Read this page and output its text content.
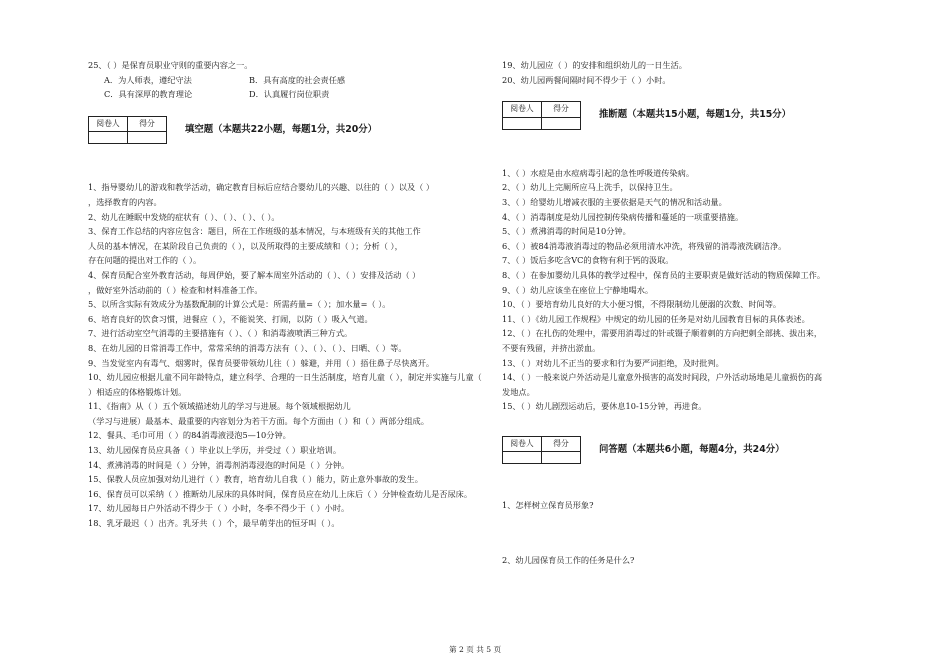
25、（ ）是保育员职业守则的重要内容之一。
A．为人师表，遵纪守法	B．具有高度的社会责任感
C．具有深厚的教育理论	D．认真履行岗位职责
阅卷人	得分

填空题（本题共22小题，每题1分，共20分）
1、指导婴幼儿的游戏和教学活动，确定教育目标后应结合婴幼儿的兴趣、以往的（ ）以及（ ）
，选择教育的内容。
2、幼儿在睡眠中发烧的症状有（ ）、（ ）、（ ）、（ ）。
3、保育工作总结的内容应包含：题目，所在工作班级的基本情况，与本班级有关的其他工作
人员的基本情况，在某阶段自己负责的（ ），以及所取得的主要成绩和（ ）；分析（ ），
存在问题的提出对工作的（ ）。
4、保育员配合室外教育活动，每周伊始，要了解本周室外活动的（ ）、（ ）安排及活动（ ）
，做好室外活动前的（ ）检查和材料准备工作。
5、以所含实际有效成分为基数配制的计算公式是：所需药量=（ ）；加水量=（ ）。
6、培育良好的饮食习惯，进餐应（ ），不能说笑、打闹，以防（ ）吸入气道。
7、进行活动室空气消毒的主要措施有（ ）、（ ）和消毒液喷洒三种方式。
8、在幼儿园的日常消毒工作中，常常采纳的消毒方法有（ ）、（ ）、（ ）、日晒、（ ）等。
9、当发觉室内有毒气、烟雾时，保育员要带领幼儿往（ ）躲避，并用（ ）捂住鼻子尽快离开。
10、幼儿园应根据儿童不同年龄特点，建立科学、合理的一日生活制度，培育儿童（ ），制定并实施与儿童（ ）相适应的体格锻炼计划。
11、《指南》从（ ）五个领域描述幼儿的学习与进展。每个领域根据幼儿
（学习与进展）最基本、最重要的内容划分为若干方面。每个方面由（ ）和（ ）两部分组成。
12、餐具、毛巾可用（ ）的84消毒液浸泡5—10分钟。
13、幼儿园保育员应具备（ ）毕业以上学历，并受过（ ）职业培训。
14、煮沸消毒的时间是（ ）分钟，消毒剂消毒浸泡的时间是（ ）分钟。
15、保教人员应加强对幼儿进行（ ）教育，培育幼儿自我（ ）能力，防止意外事故的发生。
16、保育员可以采纳（ ）推断幼儿尿床的具体时间，保育员应在幼儿上床后（ ）分钟检查幼儿是否尿床。
17、幼儿园每日户外活动不得少于（ ）小时，冬季不得少于（ ）小时。
18、乳牙最迟（ ）出齐。乳牙共（ ）个，最早萌芽出的恒牙叫（ ）。
19、幼儿园应（ ）的安排和组织幼儿的一日生活。
20、幼儿园两餐间隔时间不得少于（ ）小时。
阅卷人	得分

推断题（本题共15小题，每题1分，共15分）
1、（ ）水痘是由水痘病毒引起的急性呼吸道传染病。
2、（ ）幼儿上完厕所应马上洗手，以保持卫生。
3、（ ）给婴幼儿增减衣服的主要依据是天气的情况和活动量。
4、（ ）消毒制度是幼儿园控制传染病传播和蔓延的一项重要措施。
5、（ ）煮沸消毒的时间是10分钟。
6、（ ）被84消毒液消毒过的物品必须用清水冲洗，将残留的消毒液洗刷洁净。
7、（ ）饭后多吃含VC的食物有利于钙的汲取。
8、（ ）在参加婴幼儿具体的教学过程中，保育员的主要职责是做好活动的物质保障工作。
9、（ ）幼儿应该坐在座位上宁静地喝水。
10、（ ）要培育幼儿良好的大小便习惯，不得限制幼儿便溺的次数、时间等。
11、（ ）《幼儿园工作规程》中规定的幼儿园的任务是对幼儿园教育目标的具体表述。
12、（ ）在扎伤的处理中，需要用消毒过的针或镊子顺着刺的方向把刺全部挑、拔出来，
不要有残留，并挤出淤血。
13、（ ）对幼儿不正当的要求和行为要严词拒绝，及时批判。
14、（ ）一般来说户外活动是儿童意外损害的高发时间段，户外活动场地是儿童损伤的高
发地点。
15、（ ）幼儿剧烈运动后，要休息10-15分钟，再进食。
阅卷人	得分

问答题（本题共6小题，每题4分，共24分）
1、怎样树立保育员形象?
2、幼儿园保育员工作的任务是什么?
第 2 页 共 5 页
